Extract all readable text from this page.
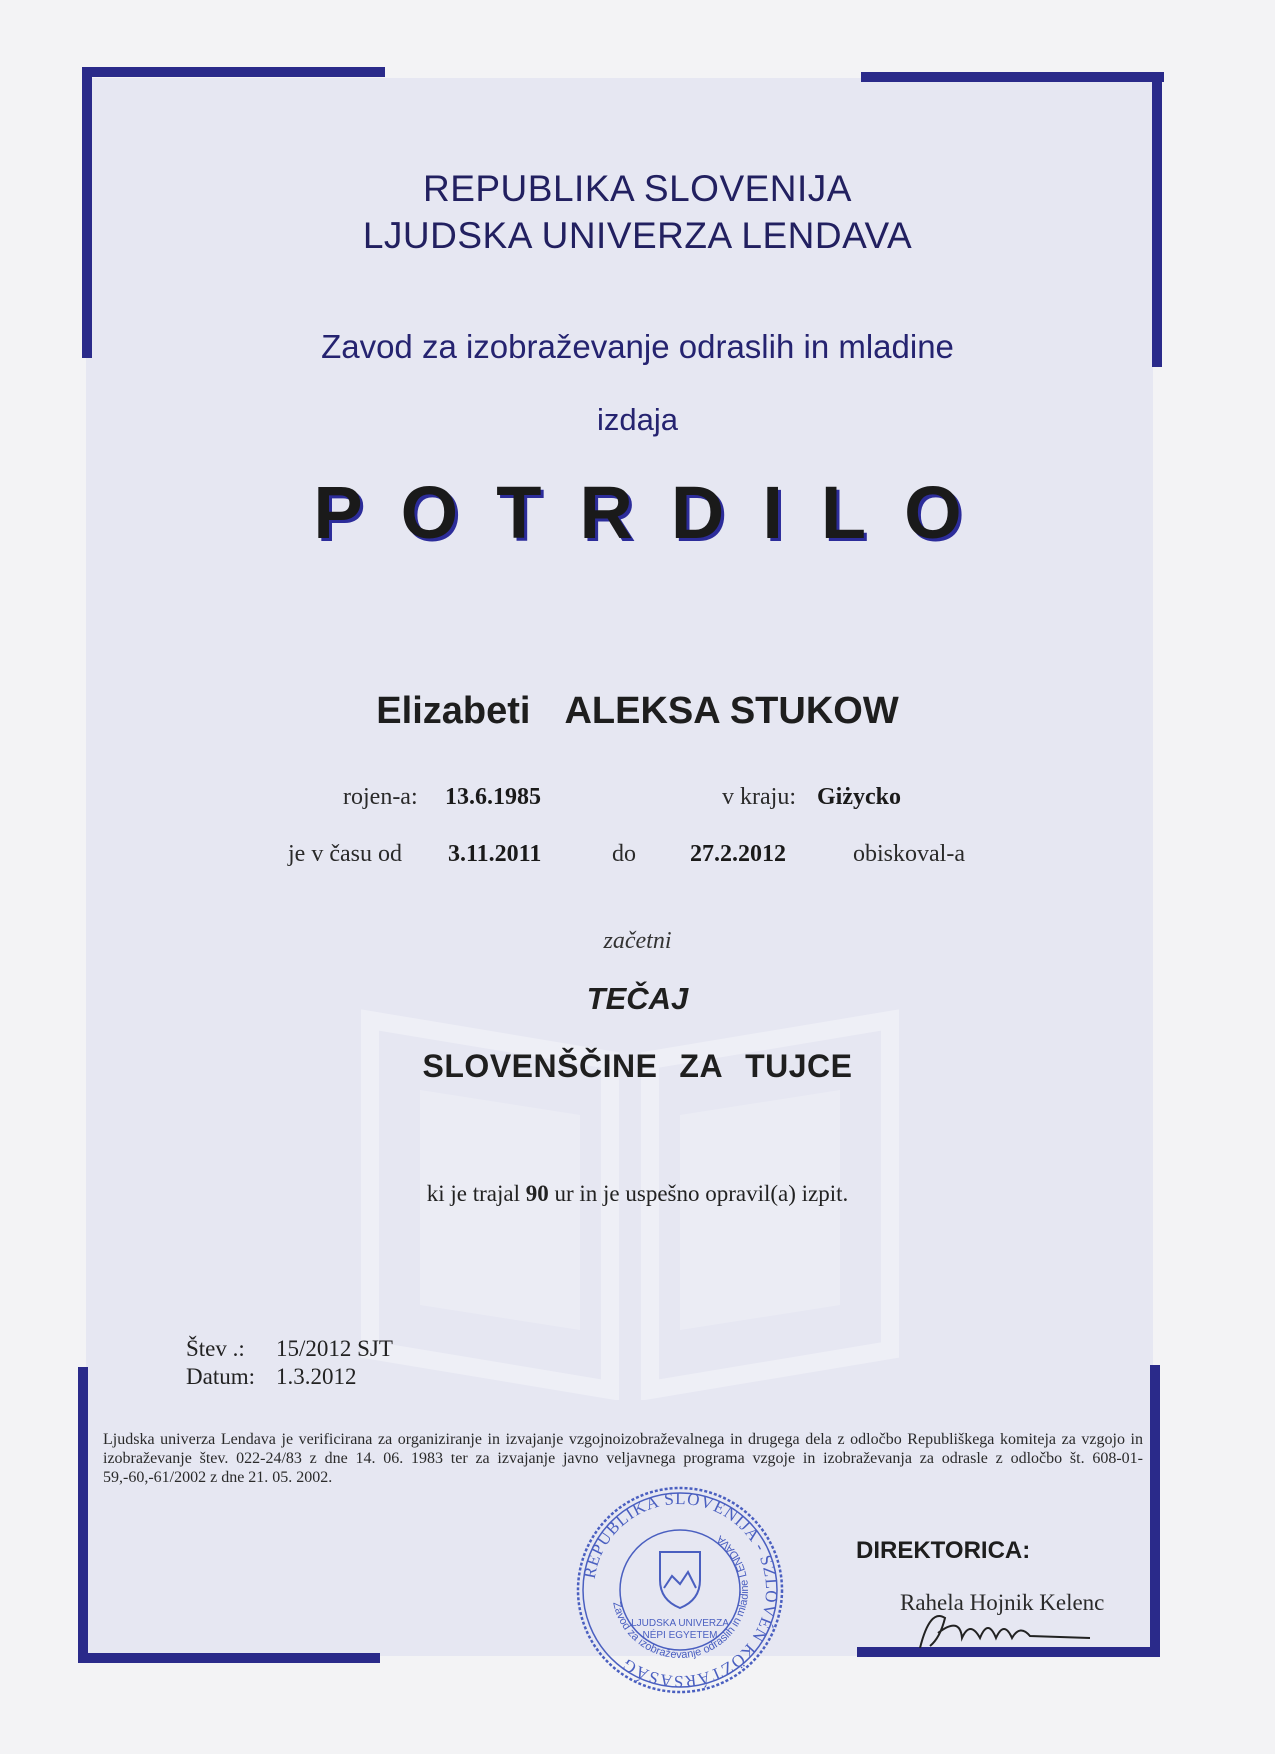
REPUBLIKA SLOVENIJA
LJUDSKA UNIVERZA LENDAVA
Zavod za izobraževanje odraslih in mladine
izdaja
POTRDILO
Elizabeti ALEKSA STUKOW
rojen-a: 13.6.1985	v kraju: Giżycko
je v času od 3.11.2011	do 27.2.2012	obiskoval-a
začetni
TEČAJ
SLOVENŠČINE ZA TUJCE
ki je trajal 90 ur in je uspešno opravil(a) izpit.
Štev .: 15/2012 SJT
Datum: 1.3.2012
Ljudska univerza Lendava je verificirana za organiziranje in izvajanje vzgojnoizobraževalnega in drugega dela z odločbo Republiškega komiteja za vzgojo in izobraževanje štev. 022-24/83 z dne 14. 06. 1983 ter za izvajanje javno veljavnega programa vzgoje in izobraževanja za odrasle z odločbo št. 608-01-59,-60,-61/2002 z dne 21. 05. 2002.
REPUBLIKA SLOVENIJA - SZLOVÉN KÖZTÁRSASÁG
Zavod za izobraževanje odraslih in mladine LENDAVA
LJUDSKA UNIVERZA
NÉPI EGYETEM
DIREKTORICA:
Rahela Hojnik Kelenc
